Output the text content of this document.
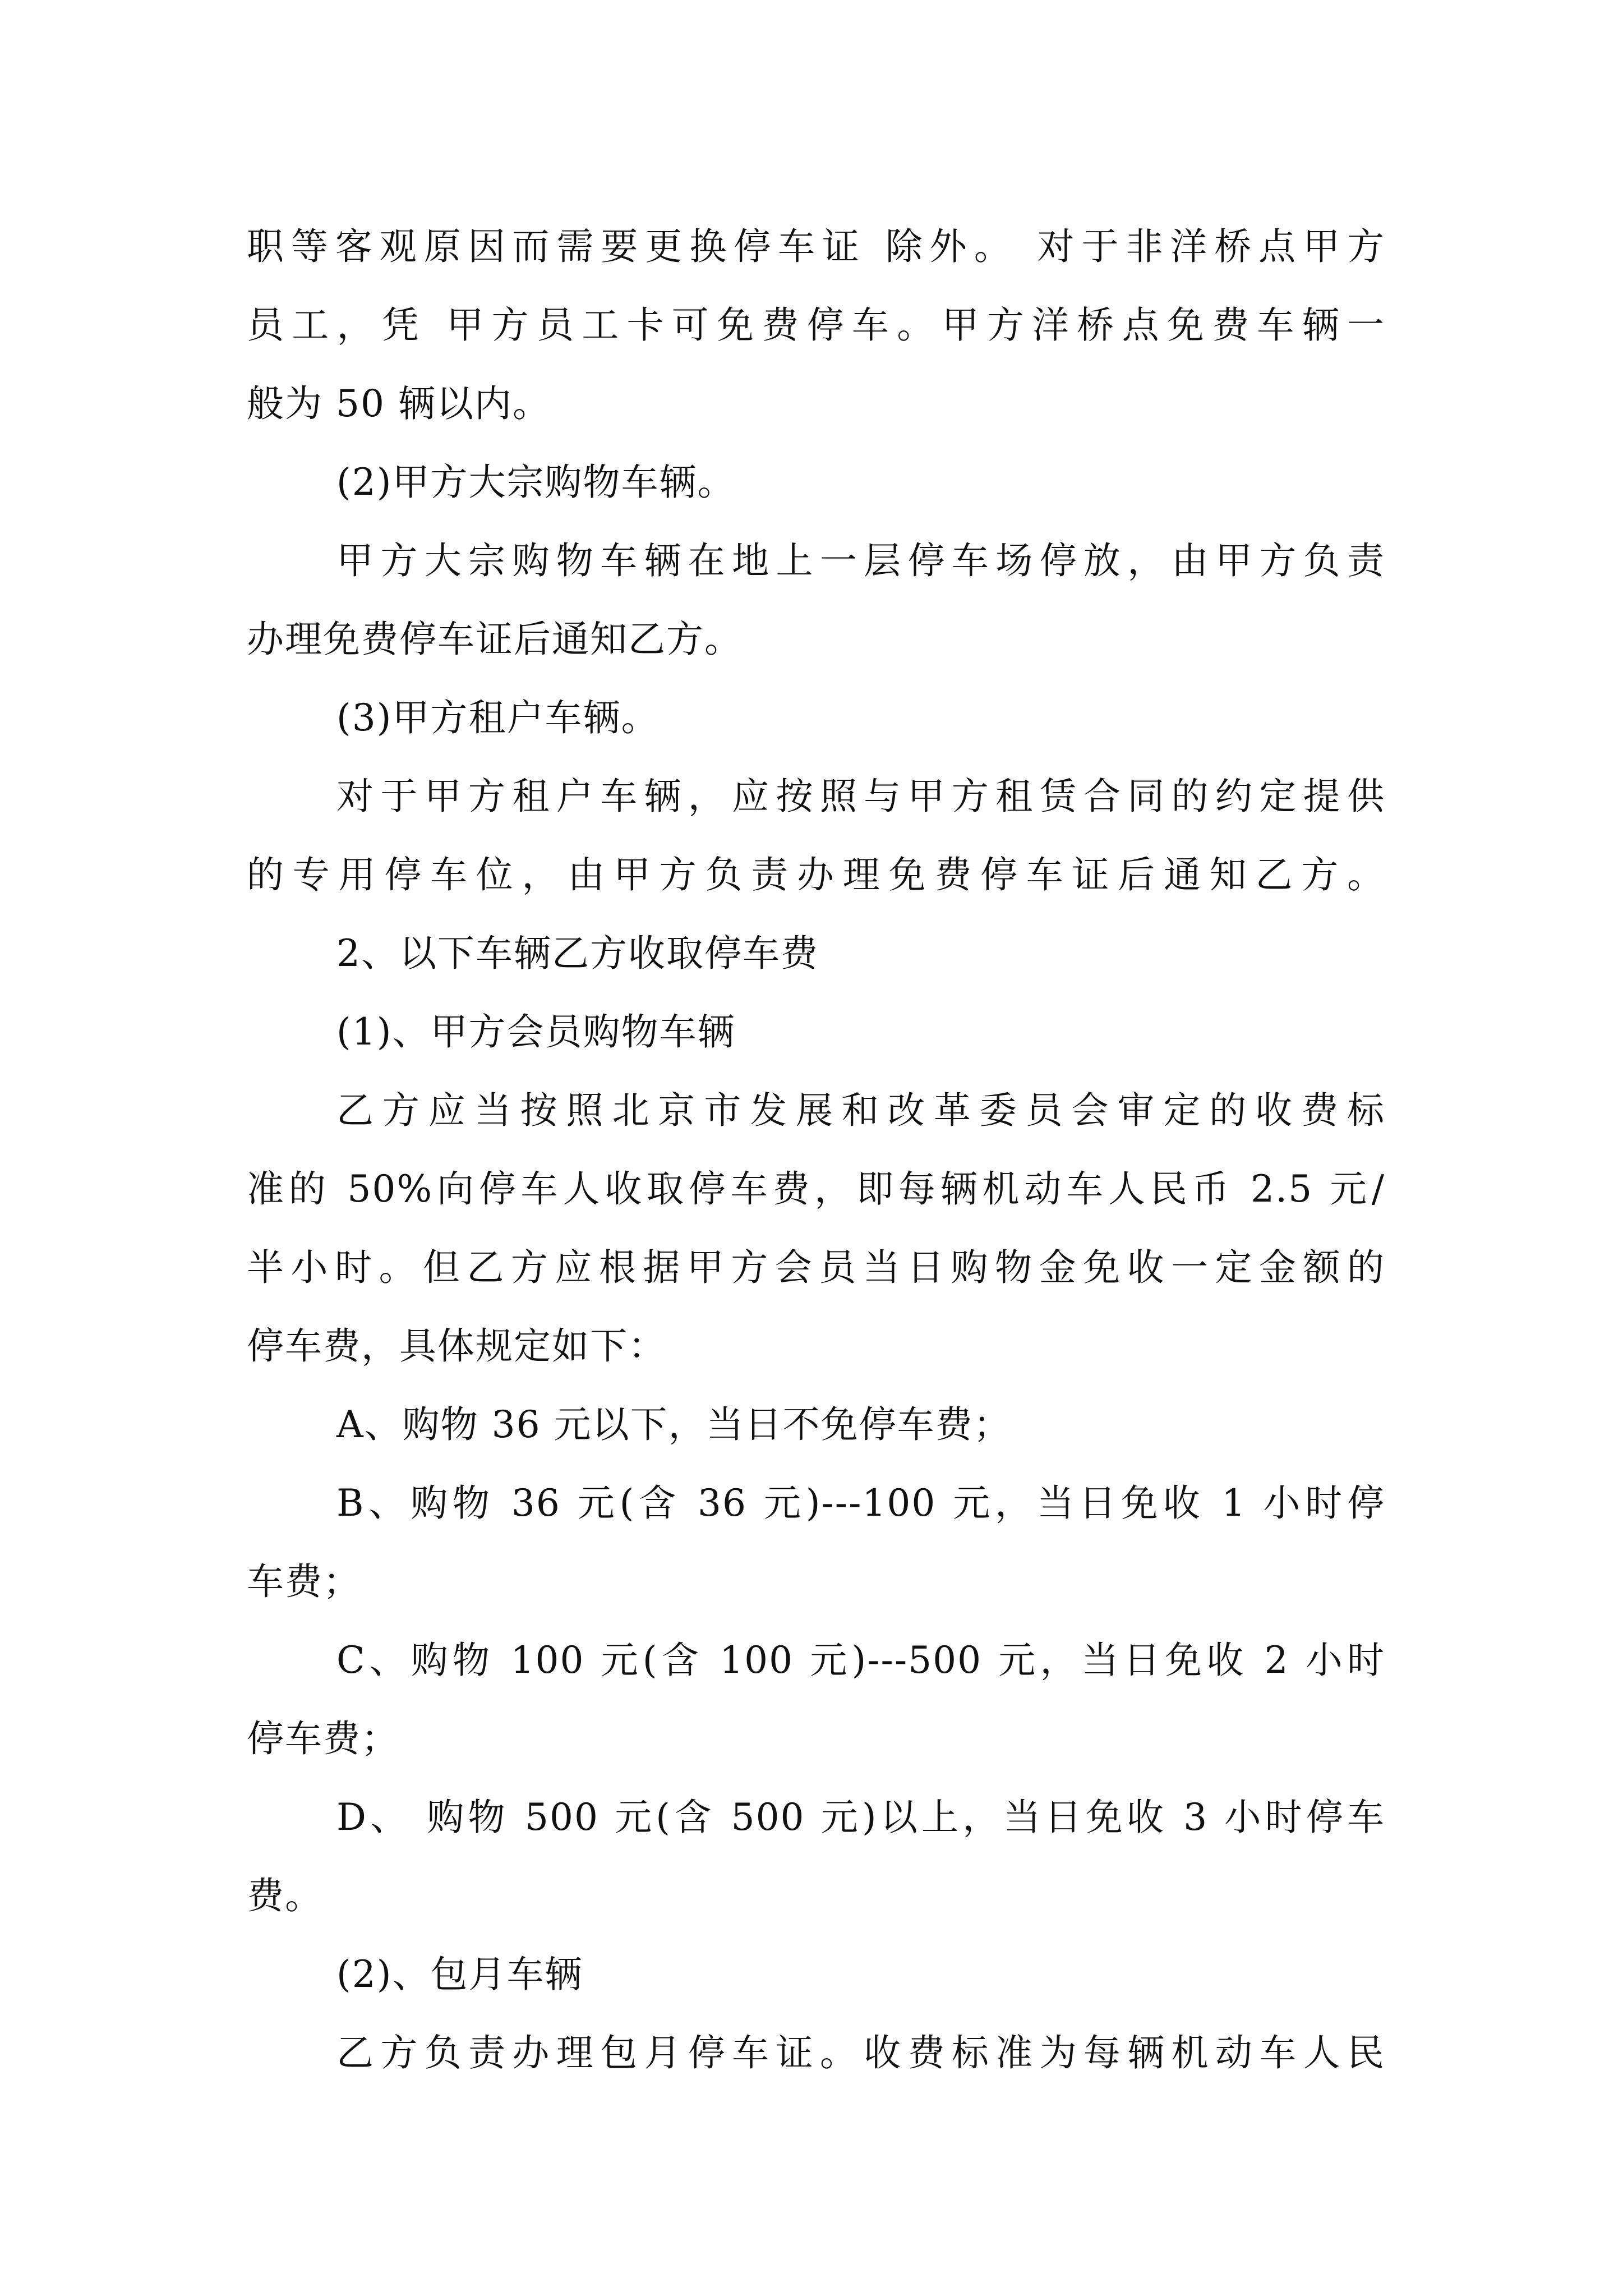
职等客观原因而需要更换停车证 除外。 对于非洋桥点甲方
员工，凭 甲方员工卡可免费停车。甲方洋桥点免费车辆一
般为 50 辆以内。
(2)甲方大宗购物车辆。
甲方大宗购物车辆在地上一层停车场停放，由甲方负责
办理免费停车证后通知乙方。
(3)甲方租户车辆。
对于甲方租户车辆，应按照与甲方租赁合同的约定提供
的专用停车位，由甲方负责办理免费停车证后通知乙方。
2、以下车辆乙方收取停车费
(1)、甲方会员购物车辆
乙方应当按照北京市发展和改革委员会审定的收费标
准的 50%向停车人收取停车费，即每辆机动车人民币 2.5 元/
半小时。但乙方应根据甲方会员当日购物金免收一定金额的
停车费，具体规定如下：
A、购物 36 元以下，当日不免停车费；
B、购物 36 元(含 36 元)---100 元，当日免收 1 小时停
车费；
C、购物 100 元(含 100 元)---500 元，当日免收 2 小时
停车费；
D、 购物 500 元(含 500 元)以上，当日免收 3 小时停车
费。
(2)、包月车辆
乙方负责办理包月停车证。收费标准为每辆机动车人民
